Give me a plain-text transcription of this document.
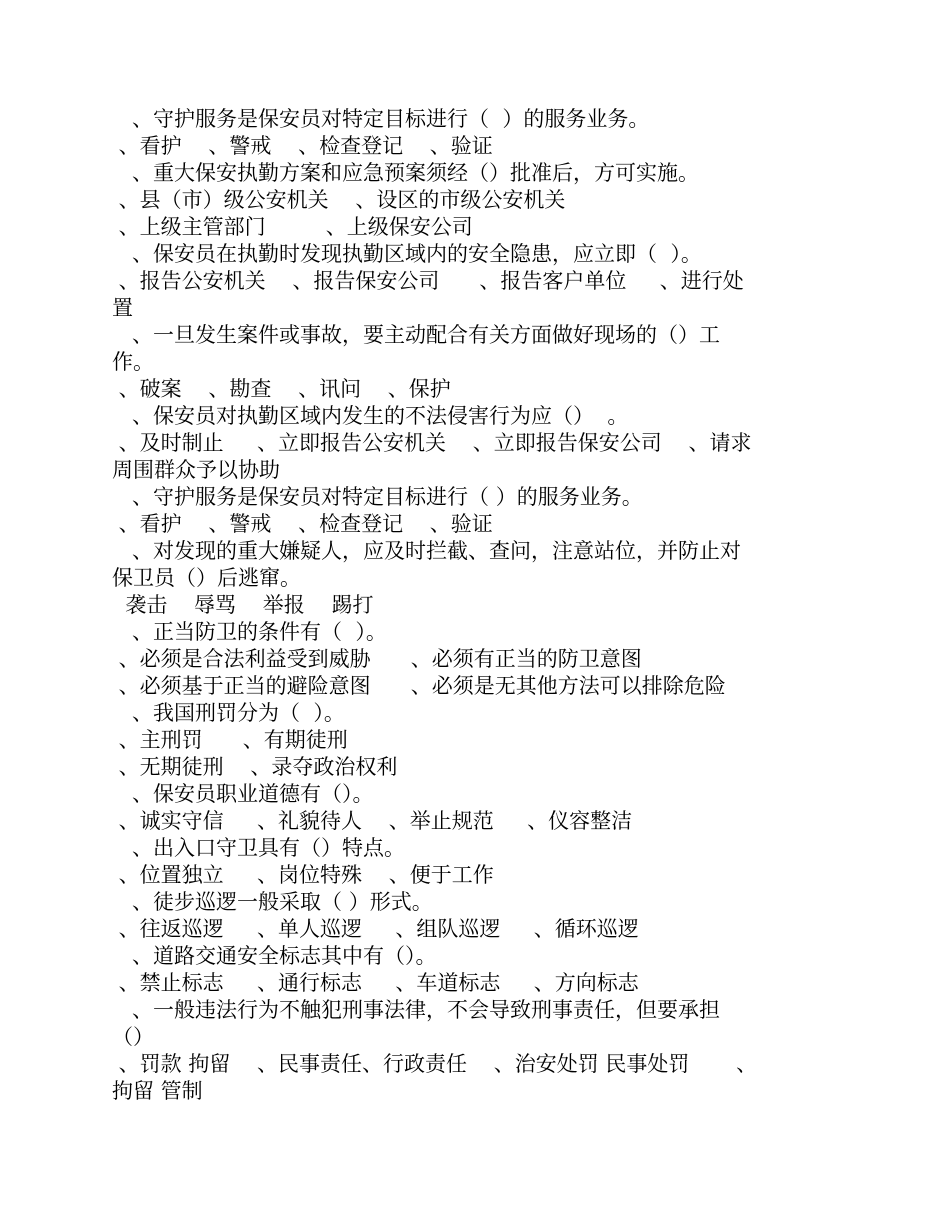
、守护服务是保安员对特定目标进行（  ）的服务业务。
、看护    、警戒    、检查登记    、验证
、重大保安执勤方案和应急预案须经（）批准后，方可实施。
、县（市）级公安机关    、设区的市级公安机关
、上级主管部门         、上级保安公司
、保安员在执勤时发现执勤区域内的安全隐患，应立即（  ）。
、报告公安机关    、报告保安公司      、报告客户单位     、进行处
置
、一旦发生案件或事故，要主动配合有关方面做好现场的（）工
作。
、破案    、勘查    、讯问    、保护
、保安员对执勤区域内发生的不法侵害行为应（）  。
、及时制止     、立即报告公安机关    、立即报告保安公司    、请求
周围群众予以协助
、守护服务是保安员对特定目标进行（ ）的服务业务。
、看护    、警戒    、检查登记    、验证
、对发现的重大嫌疑人，应及时拦截、查问，注意站位，并防止对
保卫员（）后逃窜。
袭击    辱骂    举报    踢打
、正当防卫的条件有（  ）。
、必须是合法利益受到威胁      、必须有正当的防卫意图
、必须基于正当的避险意图      、必须是无其他方法可以排除危险
、我国刑罚分为（  ）。
、主刑罚      、有期徒刑
、无期徒刑    、录夺政治权利
、保安员职业道德有（）。
、诚实守信     、礼貌待人    、举止规范     、仪容整洁
、出入口守卫具有（）特点。
、位置独立     、岗位特殊    、便于工作
、徒步巡逻一般采取（ ）形式。
、往返巡逻     、单人巡逻     、组队巡逻     、循环巡逻
、道路交通安全标志其中有（）。
、禁止标志     、通行标志     、车道标志     、方向标志
、一般违法行为不触犯刑事法律，不会导致刑事责任，但要承担
（）
、罚款 拘留    、民事责任、行政责任    、治安处罚 民事处罚       、
拘留 管制
